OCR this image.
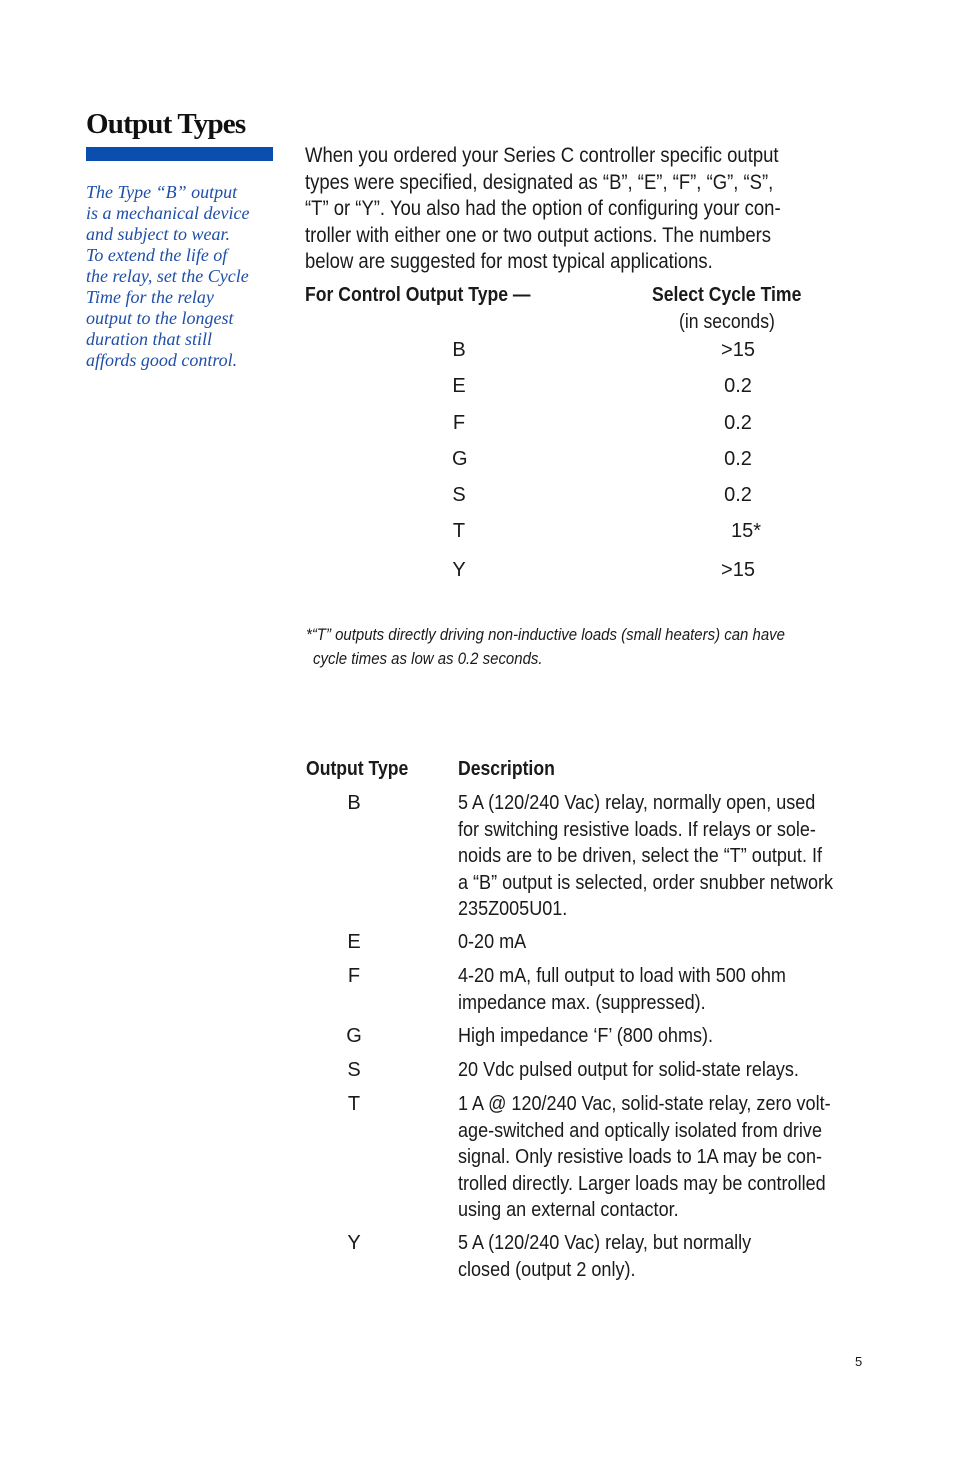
Output Types
The Type “B” output
is a mechanical device
and subject to wear.
To extend the life of
the relay, set the Cycle
Time for the relay
output to the longest
duration that still
affords good control.
When you ordered your Series C controller specific output
types were specified, designated as “B”, “E”, “F”, “G”, “S”,
“T” or “Y”. You also had the option of configuring your con-
troller with either one or two output actions. The numbers
below are suggested for most typical applications.
For Control Output Type —	Select Cycle Time
(in seconds)
B	>15
E	0.2
F	0.2
G	0.2
S	0.2
T	15*
Y	>15
*“T” outputs directly driving non-inductive loads (small heaters) can have
cycle times as low as 0.2 seconds.
Output Type Description
B	5 A (120/240 Vac) relay, normally open, used
for switching resistive loads. If relays or sole-
noids are to be driven, select the “T” output. If
a “B” output is selected, order snubber network
235Z005U01.
E	0-20 mA
F	4-20 mA, full output to load with 500 ohm
impedance max. (suppressed).
G	High impedance ‘F’ (800 ohms).
S	20 Vdc pulsed output for solid-state relays.
T	1 A @ 120/240 Vac, solid-state relay, zero volt-
age-switched and optically isolated from drive
signal. Only resistive loads to 1A may be con-
trolled directly. Larger loads may be controlled
using an external contactor.
Y	5 A (120/240 Vac) relay, but normally
closed (output 2 only).
5
